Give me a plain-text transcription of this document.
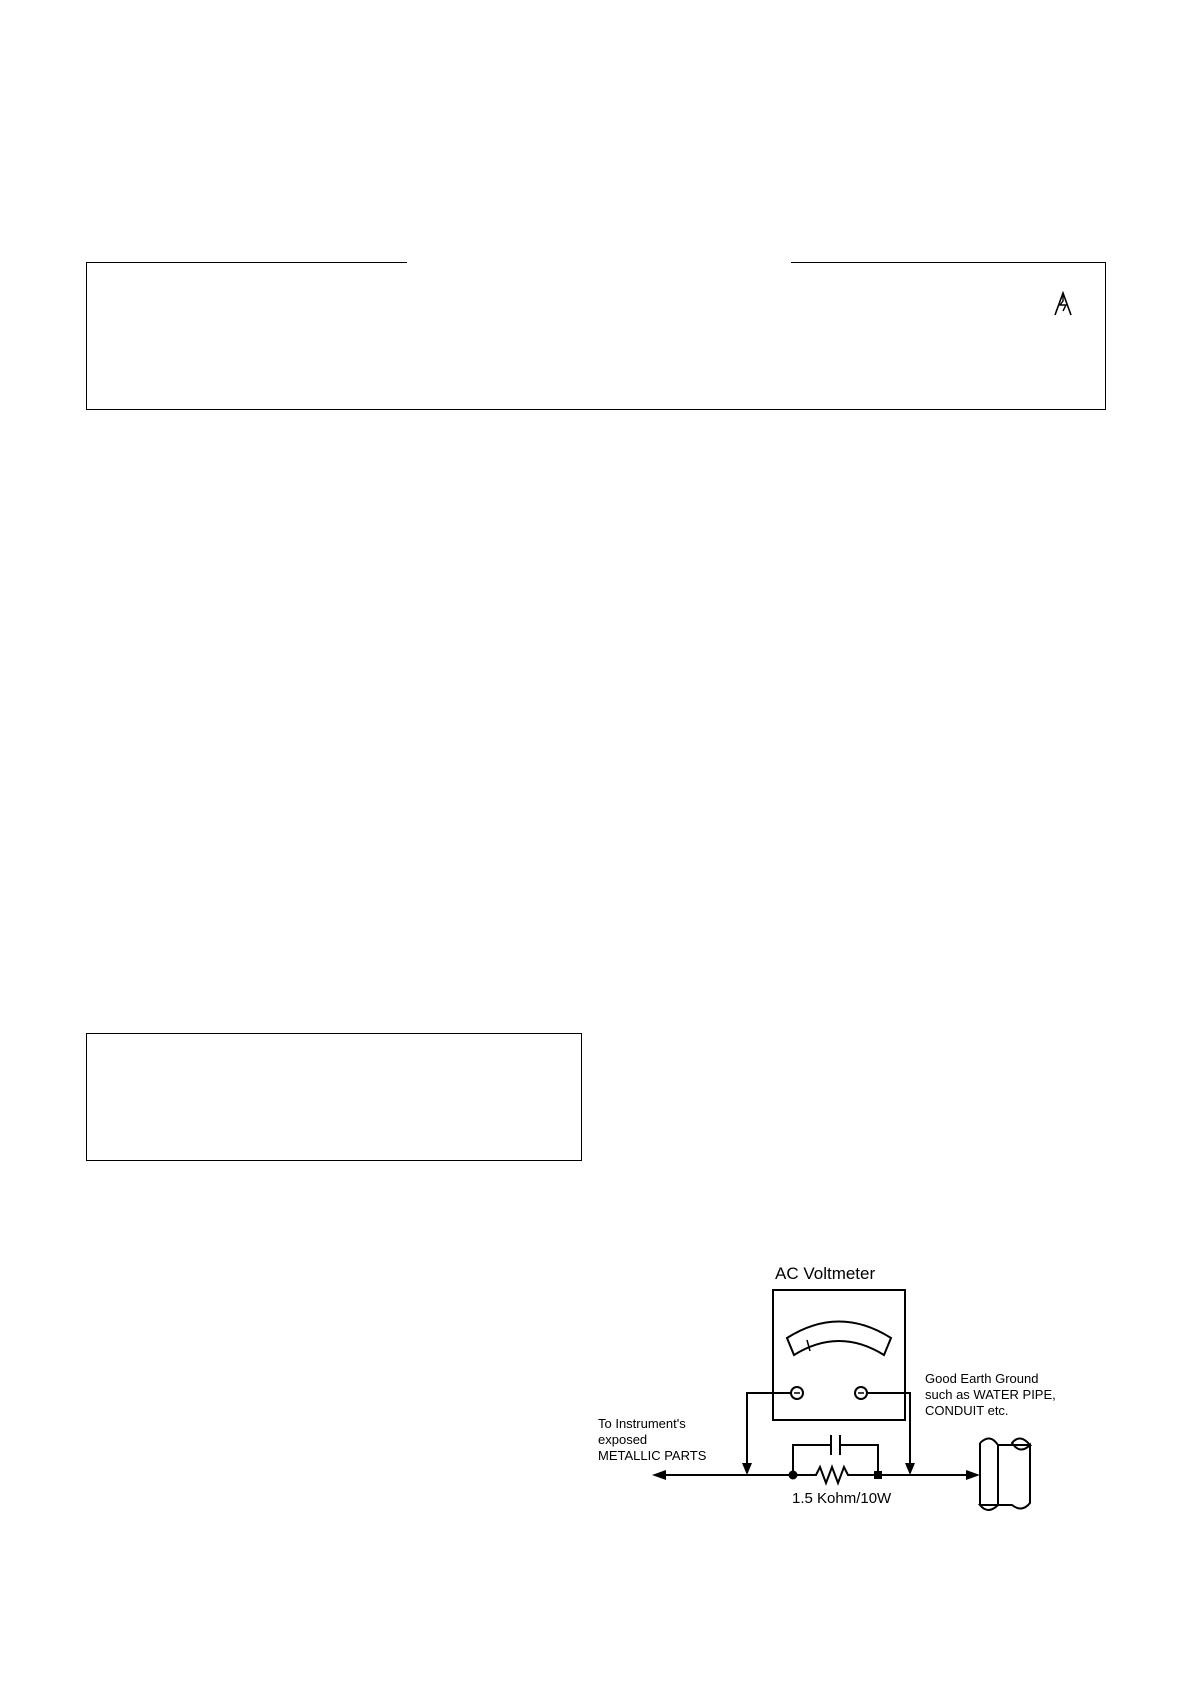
AC Voltmeter
1.5 Kohm/10W
To Instrument's
exposed
METALLIC PARTS
Good Earth Ground
such as WATER PIPE,
CONDUIT etc.
